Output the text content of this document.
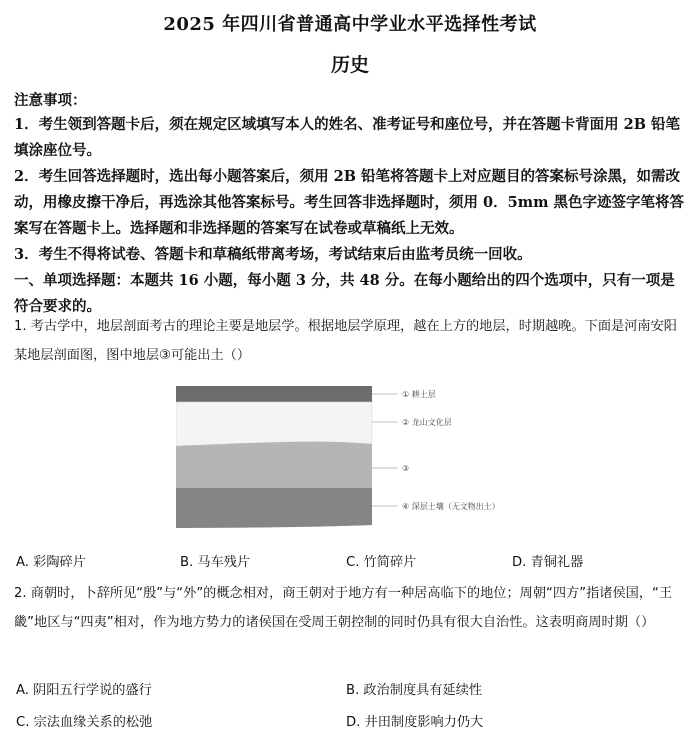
2025 年四川省普通高中学业水平选择性考试
历史
注意事项：
1．考生领到答题卡后，须在规定区域填写本人的姓名、准考证号和座位号，并在答题卡背面用 2B 铅笔填涂座位号。
2．考生回答选择题时，选出每小题答案后，须用 2B 铅笔将答题卡上对应题目的答案标号涂黑，如需改动，用橡皮擦干净后，再选涂其他答案标号。考生回答非选择题时，须用 0．5mm 黑色字迹签字笔将答案写在答题卡上。选择题和非选择题的答案写在试卷或草稿纸上无效。
3．考生不得将试卷、答题卡和草稿纸带离考场，考试结束后由监考员统一回收。
一、单项选择题：本题共 16 小题，每小题 3 分，共 48 分。在每小题给出的四个选项中，只有一项是符合要求的。
1. 考古学中，地层剖面考古的理论主要是地层学。根据地层学原理，越在上方的地层，时期越晚。下面是河南安阳某地层剖面图，图中地层③可能出土（）
① 耕土层
② 龙山文化层
③
④ 深层土壤（无文物出土）
A. 彩陶碎片	B. 马车残片	C. 竹简碎片	D. 青铜礼器
2. 商朝时，卜辞所见“殷”与“外”的概念相对，商王朝对于地方有一种居高临下的地位；周朝“四方”指诸侯国，“王畿”地区与“四夷”相对，作为地方势力的诸侯国在受周王朝控制的同时仍具有很大自治性。这表明商周时期（）
A. 阴阳五行学说的盛行	B. 政治制度具有延续性
C. 宗法血缘关系的松弛	D. 井田制度影响力仍大
